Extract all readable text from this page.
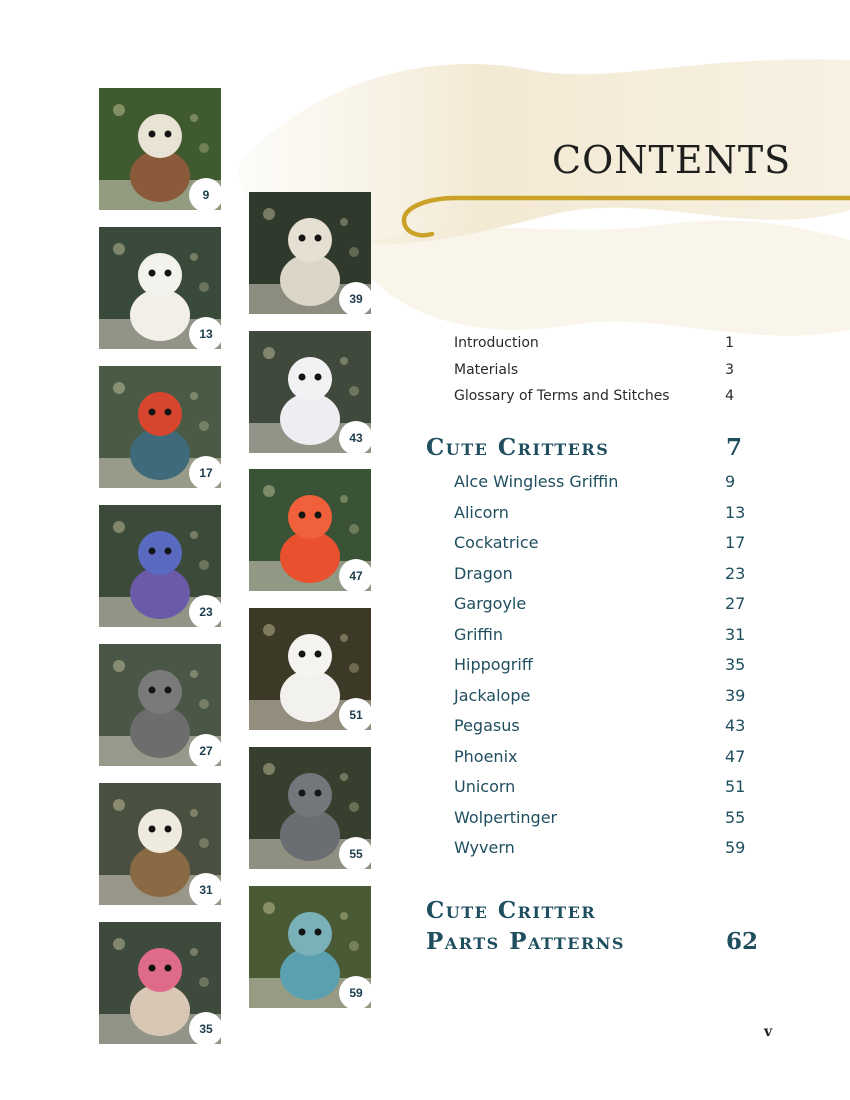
CONTENTS
9
13
17
23
27
31
35
39
43
47
51
55
59
Introduction	1
Materials	3
Glossary of Terms and Stitches	4
Cute Critters	7
Alce Wingless Griffin	9
Alicorn	13
Cockatrice	17
Dragon	23
Gargoyle	27
Griffin	31
Hippogriff	35
Jackalope	39
Pegasus	43
Phoenix	47
Unicorn	51
Wolpertinger	55
Wyvern	59
Cute Critter
Parts Patterns	62
v
